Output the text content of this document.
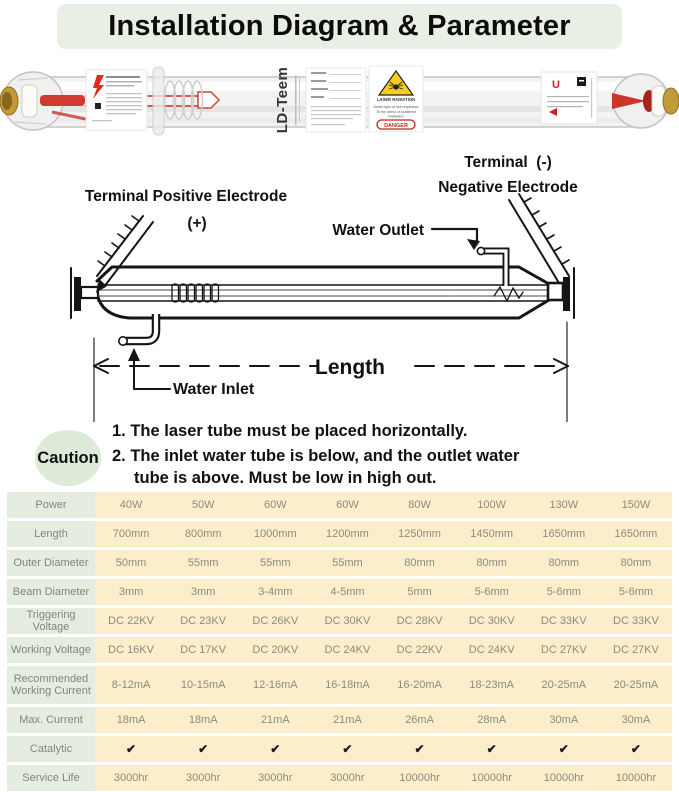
Installation Diagram & Parameter
LD-Teem	LASER RADIATION
Avoid eyes or skin exposure
To the direct or scattered
Radiation
DANGER
U
Terminal  (-)
Negative Electrode
Terminal Positive Electrode
(+)	Water Outlet
Water Inlet
Length
Caution
1. The laser tube must be placed horizontally.
2. The inlet water tube is below, and the outlet water tube is above. Must be low in high out.
Power	40W	50W	60W	60W	80W	100W	130W	150W
Length	700mm	800mm	1000mm	1200mm	1250mm	1450mm	1650mm	1650mm
Outer Diameter	50mm	55mm	55mm	55mm	80mm	80mm	80mm	80mm
Beam Diameter	3mm	3mm	3-4mm	4-5mm	5mm	5-6mm	5-6mm	5-6mm
Triggering Voltage	DC 22KV	DC 23KV	DC 26KV	DC 30KV	DC 28KV	DC 30KV	DC 33KV	DC 33KV
Working Voltage	DC 16KV	DC 17KV	DC 20KV	DC 24KV	DC 22KV	DC 24KV	DC 27KV	DC 27KV
Recommended Working Current	8-12mA	10-15mA	12-16mA	16-18mA	16-20mA	18-23mA	20-25mA	20-25mA
Max. Current	18mA	18mA	21mA	21mA	26mA	28mA	30mA	30mA
Catalytic	✔	✔	✔	✔	✔	✔	✔	✔
Service Life	3000hr	3000hr	3000hr	3000hr	10000hr	10000hr	10000hr	10000hr
